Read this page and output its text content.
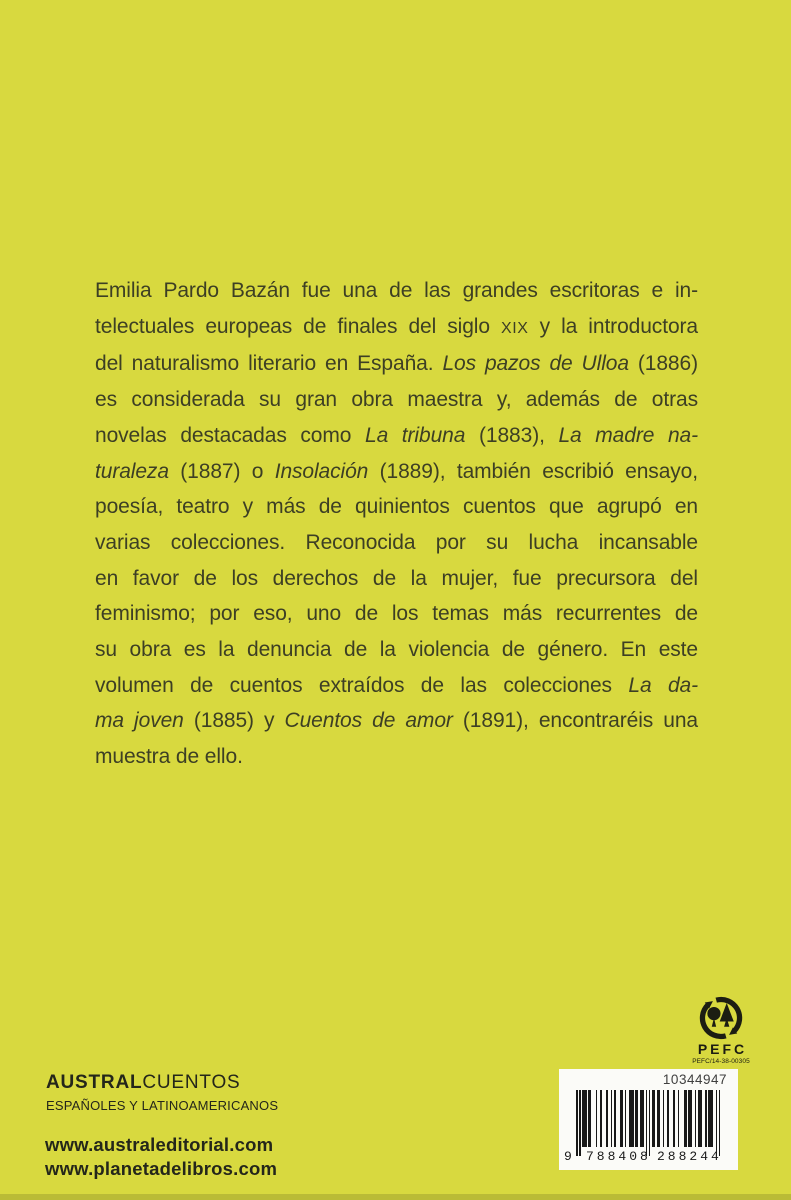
Emilia Pardo Bazán fue una de las grandes escritoras e in-
telectuales europeas de finales del siglo XIX y la introductora
del naturalismo literario en España. Los pazos de Ulloa (1886)
es considerada su gran obra maestra y, además de otras
novelas destacadas como La tribuna (1883), La madre na-
turaleza (1887) o Insolación (1889), también escribió ensayo,
poesía, teatro y más de quinientos cuentos que agrupó en
varias colecciones. Reconocida por su lucha incansable
en favor de los derechos de la mujer, fue precursora del
feminismo; por eso, uno de los temas más recurrentes de
su obra es la denuncia de la violencia de género. En este
volumen de cuentos extraídos de las colecciones La da-
ma joven (1885) y Cuentos de amor (1891), encontraréis una
muestra de ello.
AUSTRALCUENTOS
ESPAÑOLES Y LATINOAMERICANOS
www.australeditorial.com
www.planetadelibros.com
PEFC
PEFC/14-38-00305
10344947
9 788408 288244
